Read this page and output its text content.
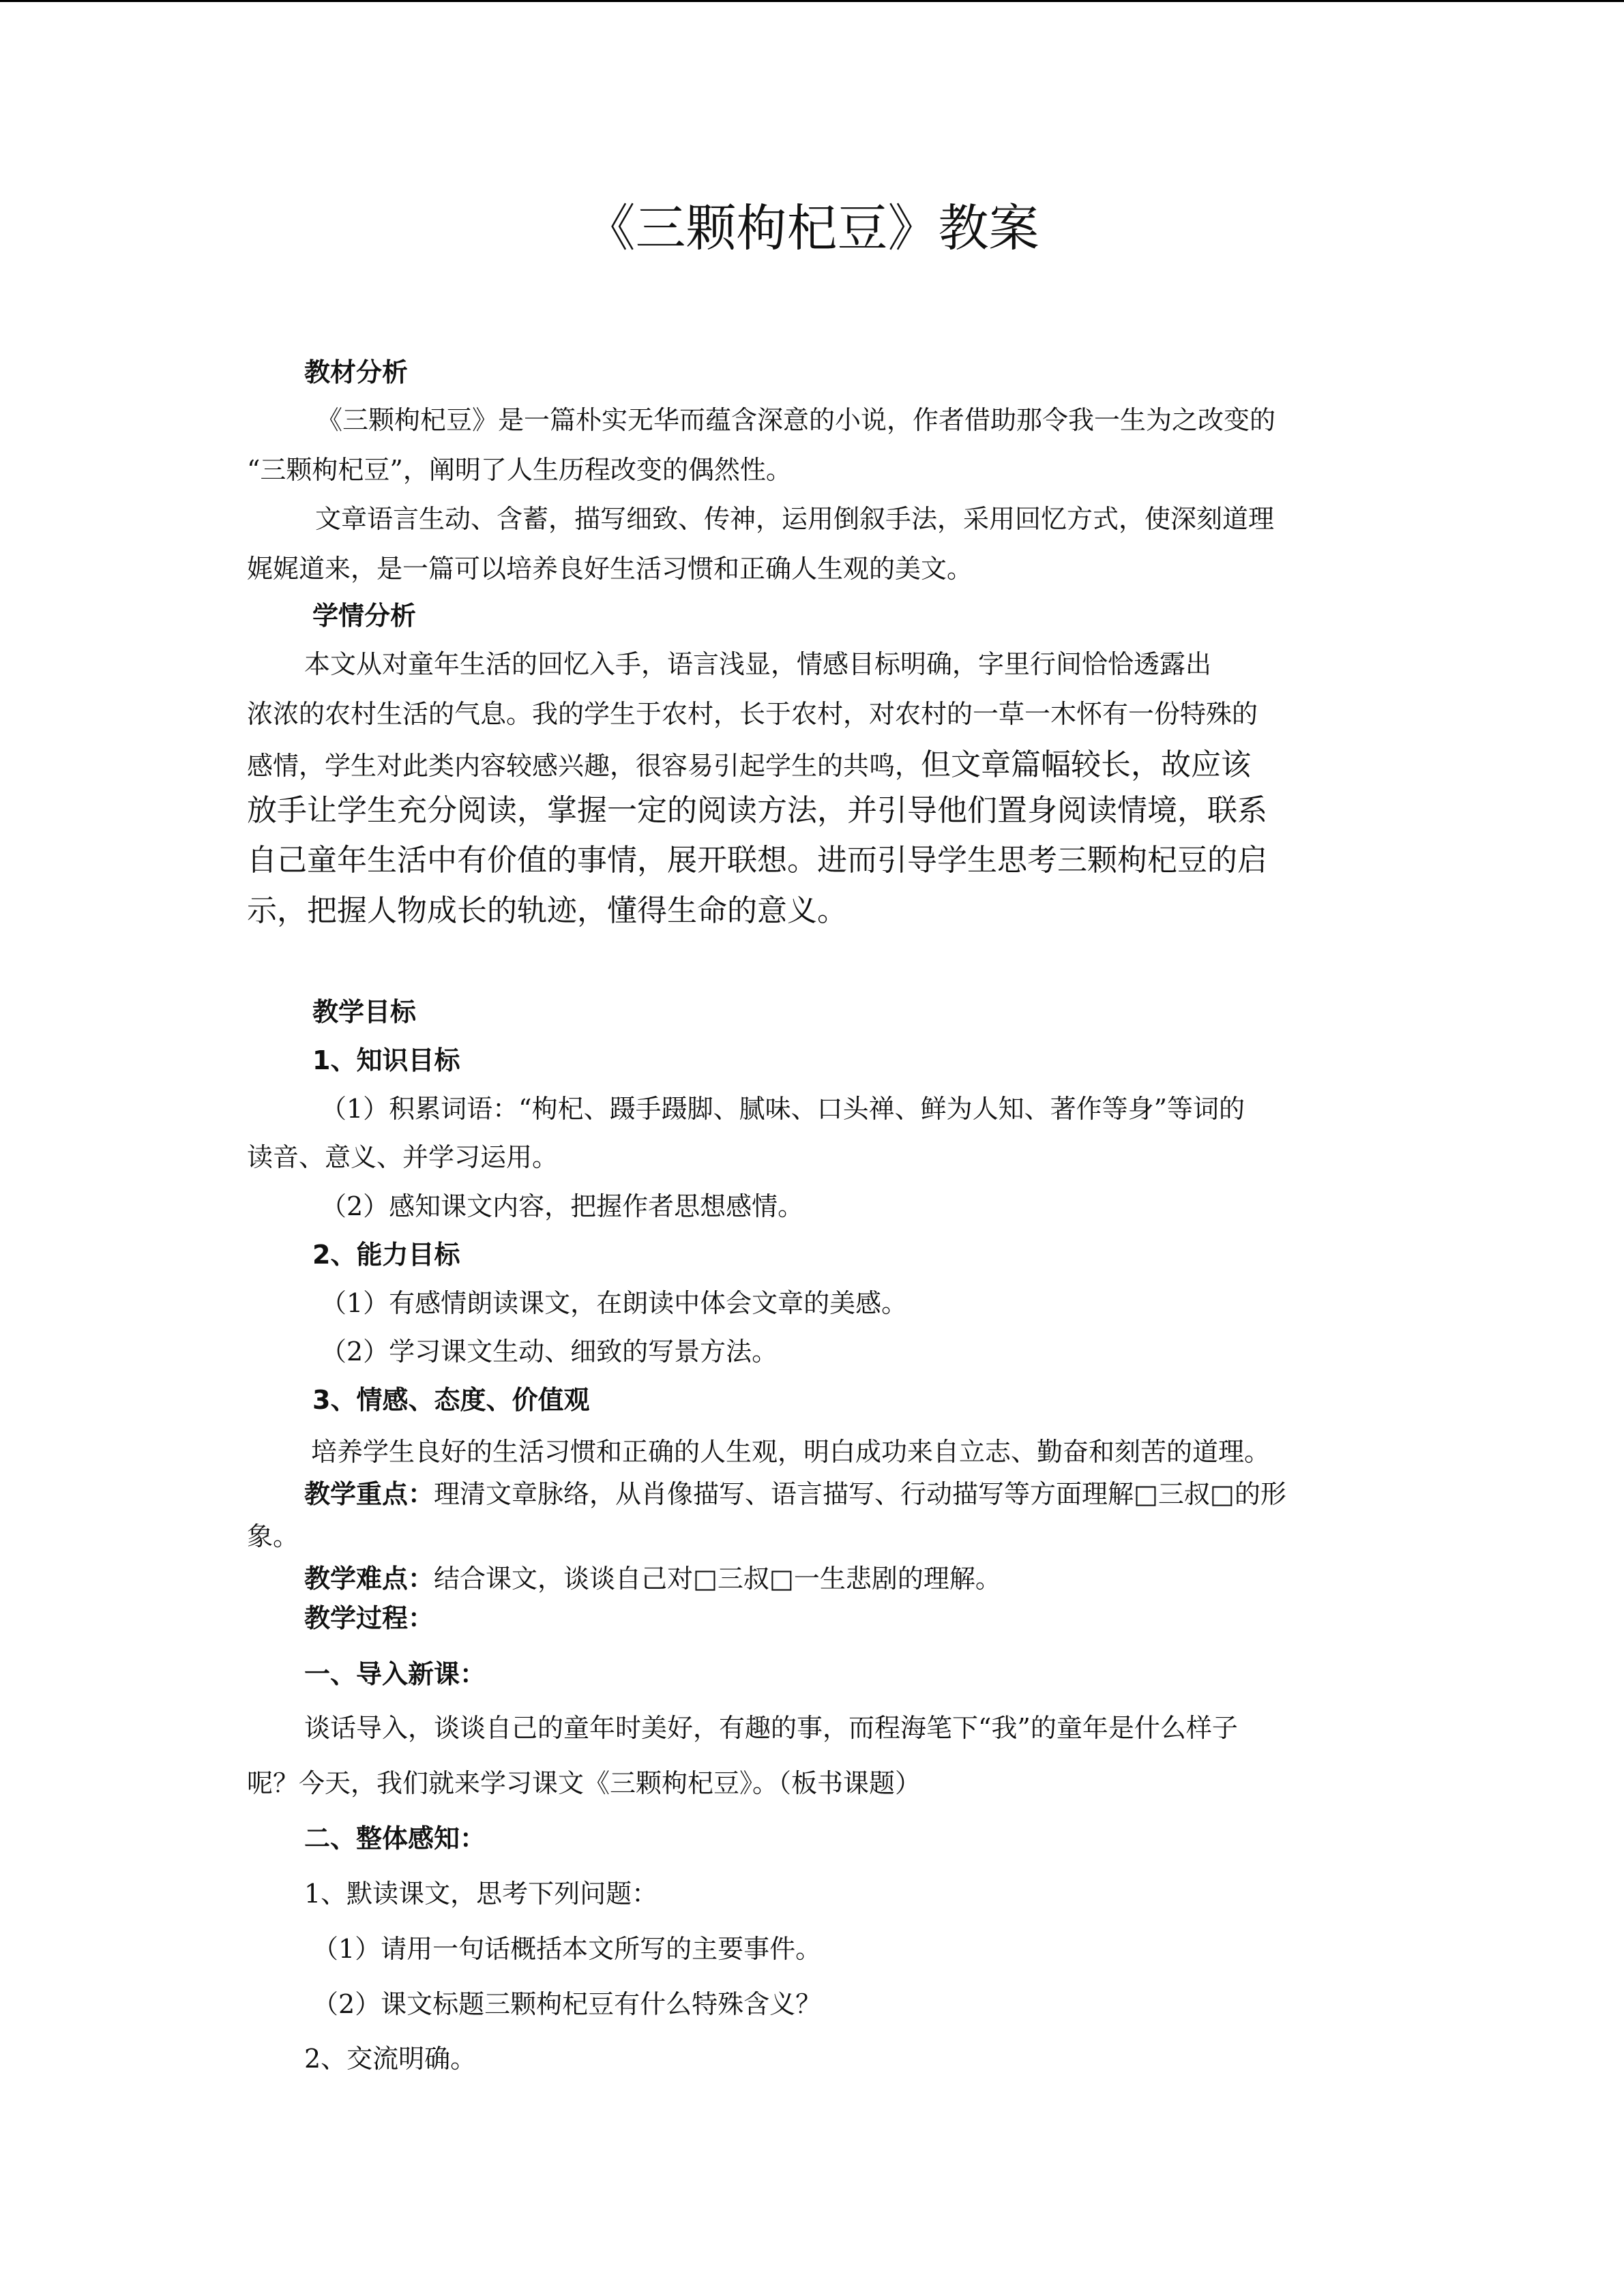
《三颗枸杞豆》教案
教材分析
《三颗枸杞豆》是一篇朴实无华而蕴含深意的小说，作者借助那令我一生为之改变的
“三颗枸杞豆”，阐明了人生历程改变的偶然性。
文章语言生动、含蓄，描写细致、传神，运用倒叙手法，采用回忆方式，使深刻道理
娓娓道来，是一篇可以培养良好生活习惯和正确人生观的美文。
学情分析
本文从对童年生活的回忆入手，语言浅显，情感目标明确，字里行间恰恰透露出
浓浓的农村生活的气息。我的学生于农村，长于农村，对农村的一草一木怀有一份特殊的
感情，学生对此类内容较感兴趣，很容易引起学生的共鸣，但文章篇幅较长，故应该
放手让学生充分阅读，掌握一定的阅读方法，并引导他们置身阅读情境，联系
自己童年生活中有价值的事情，展开联想。进而引导学生思考三颗枸杞豆的启
示，把握人物成长的轨迹，懂得生命的意义。
教学目标
1、知识目标
（1）积累词语：“枸杞、蹑手蹑脚、腻味、口头禅、鲜为人知、著作等身”等词的
读音、意义、并学习运用。
（2）感知课文内容，把握作者思想感情。
2、能力目标
（1）有感情朗读课文，在朗读中体会文章的美感。
（2）学习课文生动、细致的写景方法。
3、情感、态度、价值观
培养学生良好的生活习惯和正确的人生观，明白成功来自立志、勤奋和刻苦的道理。
教学重点：理清文章脉络，从肖像描写、语言描写、行动描写等方面理解□三叔□的形
象。
教学难点：结合课文，谈谈自己对□三叔□一生悲剧的理解。
教学过程：
一、导入新课：
谈话导入，谈谈自己的童年时美好，有趣的事，而程海笔下“我”的童年是什么样子
呢？今天，我们就来学习课文《三颗枸杞豆》。（板书课题）
二、整体感知：
1、默读课文，思考下列问题：
（1）请用一句话概括本文所写的主要事件。
（2）课文标题三颗枸杞豆有什么特殊含义？
2、交流明确。
